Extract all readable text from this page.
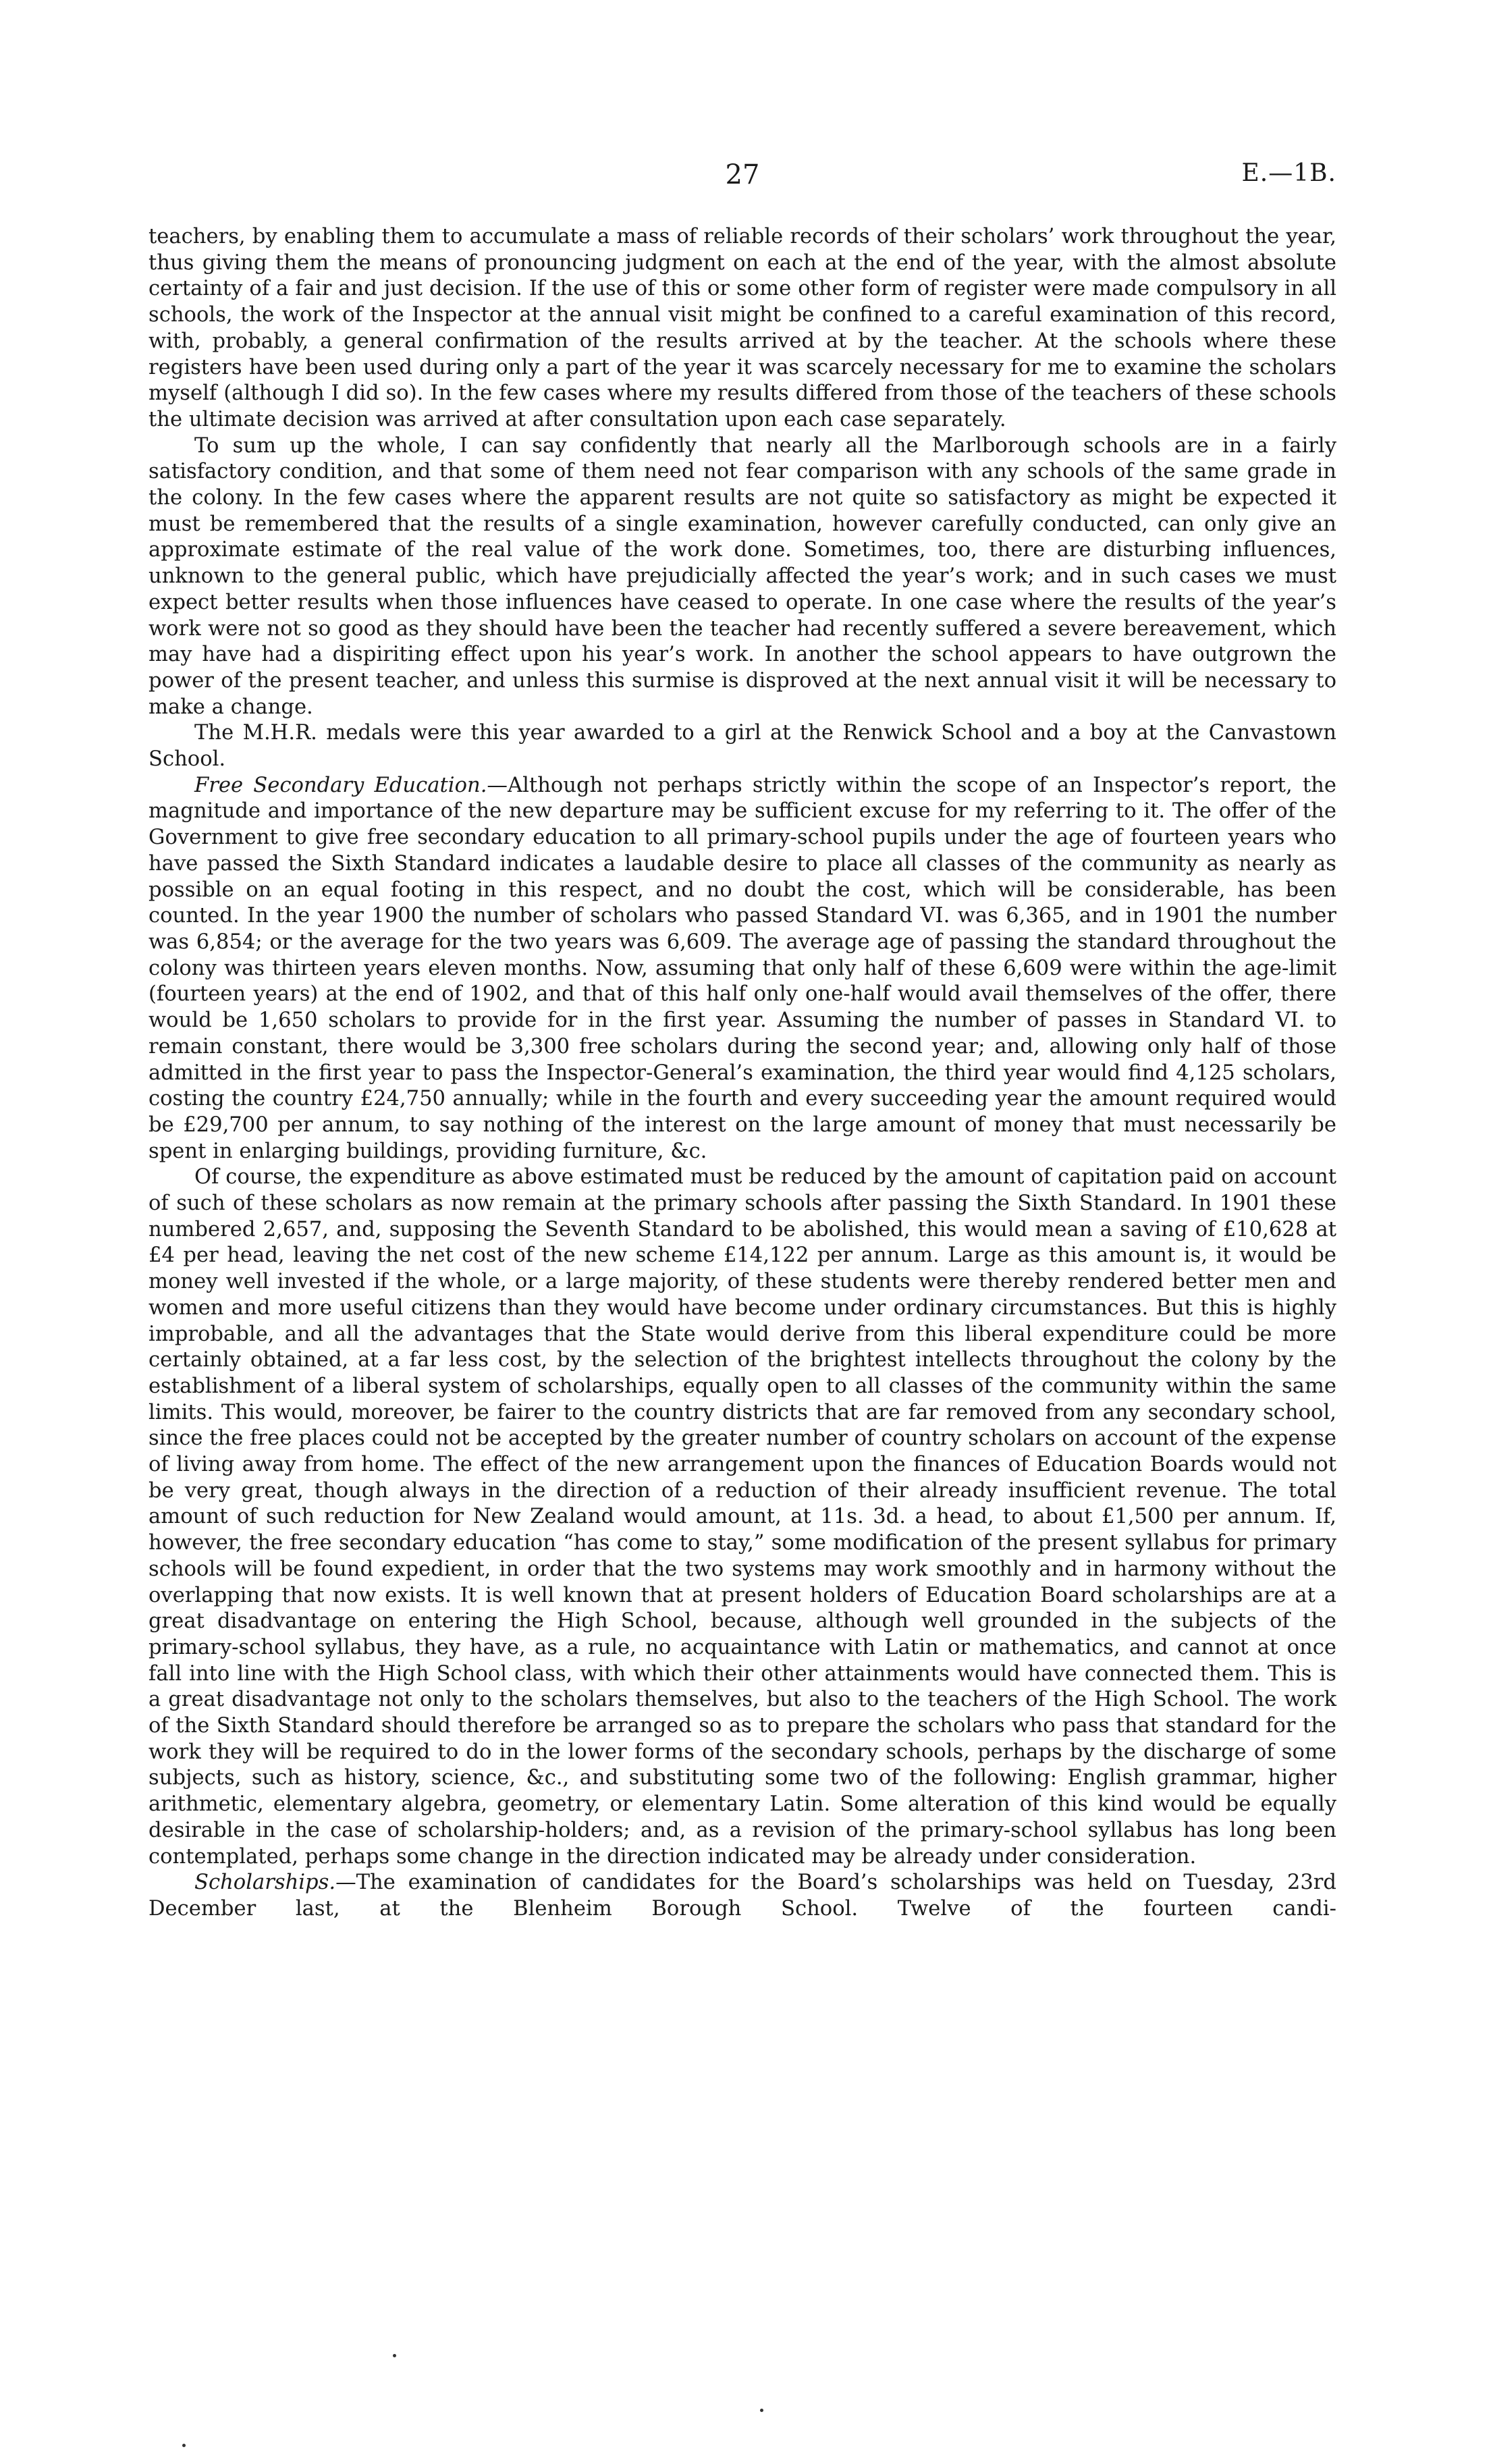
27	E.—1B.

teachers, by enabling them to accumulate a mass of reliable records of their scholars’ work throughout the year, thus giving them the means of pronouncing judgment on each at the end of the year, with the almost absolute certainty of a fair and just decision. If the use of this or some other form of register were made compulsory in all schools, the work of the Inspector at the annual visit might be confined to a careful examination of this record, with, probably, a general confirmation of the results arrived at by the teacher. At the schools where these registers have been used during only a part of the year it was scarcely necessary for me to examine the scholars myself (although I did so). In the few cases where my results differed from those of the teachers of these schools the ultimate decision was arrived at after consultation upon each case separately.

To sum up the whole, I can say confidently that nearly all the Marlborough schools are in a fairly satisfactory condition, and that some of them need not fear comparison with any schools of the same grade in the colony. In the few cases where the apparent results are not quite so satisfactory as might be expected it must be remembered that the results of a single examination, however carefully conducted, can only give an approximate estimate of the real value of the work done. Sometimes, too, there are disturbing influences, unknown to the general public, which have prejudicially affected the year’s work; and in such cases we must expect better results when those influences have ceased to operate. In one case where the results of the year’s work were not so good as they should have been the teacher had recently suffered a severe bereavement, which may have had a dispiriting effect upon his year’s work. In another the school appears to have outgrown the power of the present teacher, and unless this surmise is disproved at the next annual visit it will be necessary to make a change.

The M.H.R. medals were this year awarded to a girl at the Renwick School and a boy at the Canvastown School.

Free Secondary Education.—Although not perhaps strictly within the scope of an Inspector’s report, the magnitude and importance of the new departure may be sufficient excuse for my referring to it. The offer of the Government to give free secondary education to all primary-school pupils under the age of fourteen years who have passed the Sixth Standard indicates a laudable desire to place all classes of the community as nearly as possible on an equal footing in this respect, and no doubt the cost, which will be considerable, has been counted. In the year 1900 the number of scholars who passed Standard VI. was 6,365, and in 1901 the number was 6,854; or the average for the two years was 6,609. The average age of passing the standard throughout the colony was thirteen years eleven months. Now, assuming that only half of these 6,609 were within the age-limit (fourteen years) at the end of 1902, and that of this half only one-half would avail themselves of the offer, there would be 1,650 scholars to provide for in the first year. Assuming the number of passes in Standard VI. to remain constant, there would be 3,300 free scholars during the second year; and, allowing only half of those admitted in the first year to pass the Inspector-General’s examination, the third year would find 4,125 scholars, costing the country £24,750 annually; while in the fourth and every succeeding year the amount required would be £29,700 per annum, to say nothing of the interest on the large amount of money that must necessarily be spent in enlarging buildings, providing furniture, &c.

Of course, the expenditure as above estimated must be reduced by the amount of capitation paid on account of such of these scholars as now remain at the primary schools after passing the Sixth Standard. In 1901 these numbered 2,657, and, supposing the Seventh Standard to be abolished, this would mean a saving of £10,628 at £4 per head, leaving the net cost of the new scheme £14,122 per annum. Large as this amount is, it would be money well invested if the whole, or a large majority, of these students were thereby rendered better men and women and more useful citizens than they would have become under ordinary circumstances. But this is highly improbable, and all the advantages that the State would derive from this liberal expenditure could be more certainly obtained, at a far less cost, by the selection of the brightest intellects throughout the colony by the establishment of a liberal system of scholarships, equally open to all classes of the community within the same limits. This would, moreover, be fairer to the country districts that are far removed from any secondary school, since the free places could not be accepted by the greater number of country scholars on account of the expense of living away from home. The effect of the new arrangement upon the finances of Education Boards would not be very great, though always in the direction of a reduction of their already insufficient revenue. The total amount of such reduction for New Zealand would amount, at 11s. 3d. a head, to about £1,500 per annum. If, however, the free secondary education “has come to stay,” some modification of the present syllabus for primary schools will be found expedient, in order that the two systems may work smoothly and in harmony without the overlapping that now exists. It is well known that at present holders of Education Board scholarships are at a great disadvantage on entering the High School, because, although well grounded in the subjects of the primary-school syllabus, they have, as a rule, no acquaintance with Latin or mathematics, and cannot at once fall into line with the High School class, with which their other attainments would have connected them. This is a great disadvantage not only to the scholars themselves, but also to the teachers of the High School. The work of the Sixth Standard should therefore be arranged so as to prepare the scholars who pass that standard for the work they will be required to do in the lower forms of the secondary schools, perhaps by the discharge of some subjects, such as history, science, &c., and substituting some two of the following: English grammar, higher arithmetic, elementary algebra, geometry, or elementary Latin. Some alteration of this kind would be equally desirable in the case of scholarship-holders; and, as a revision of the primary-school syllabus has long been contemplated, perhaps some change in the direction indicated may be already under consideration.

Scholarships.—The examination of candidates for the Board’s scholarships was held on Tuesday, 23rd December last, at the Blenheim Borough School. Twelve of the fourteen candi-
